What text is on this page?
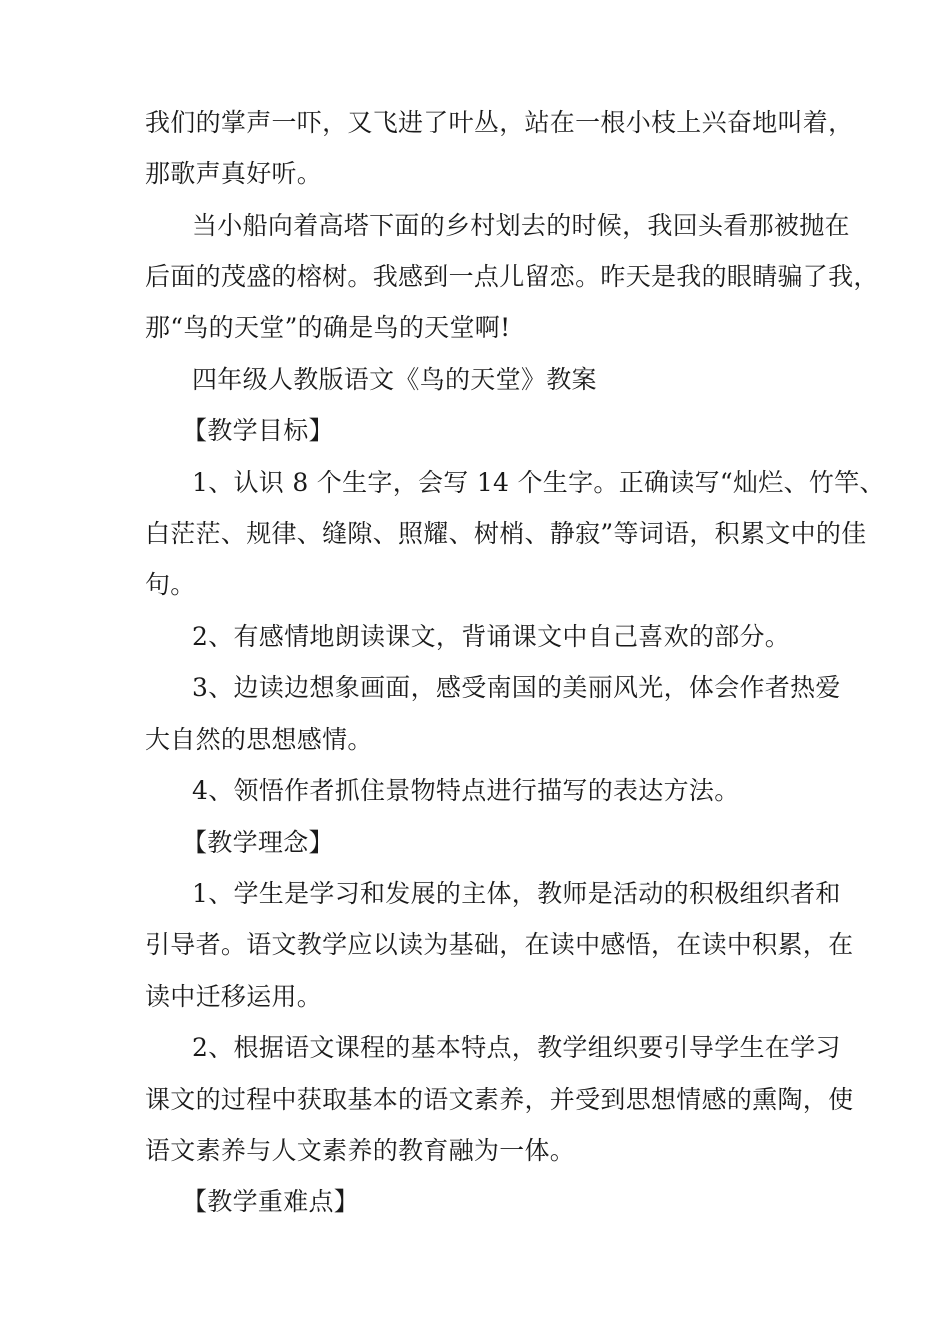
我们的掌声一吓，又飞进了叶丛，站在一根小枝上兴奋地叫着，
那歌声真好听。
当小船向着高塔下面的乡村划去的时候，我回头看那被抛在
后面的茂盛的榕树。我感到一点儿留恋。昨天是我的眼睛骗了我，
那“鸟的天堂”的确是鸟的天堂啊!
四年级人教版语文《鸟的天堂》教案
【教学目标】
1、认识 8 个生字，会写 14 个生字。正确读写“灿烂、竹竿、
白茫茫、规律、缝隙、照耀、树梢、静寂”等词语，积累文中的佳
句。
2、有感情地朗读课文，背诵课文中自己喜欢的部分。
3、边读边想象画面，感受南国的美丽风光，体会作者热爱
大自然的思想感情。
4、领悟作者抓住景物特点进行描写的表达方法。
【教学理念】
1、学生是学习和发展的主体，教师是活动的积极组织者和
引导者。语文教学应以读为基础，在读中感悟，在读中积累，在
读中迁移运用。
2、根据语文课程的基本特点，教学组织要引导学生在学习
课文的过程中获取基本的语文素养，并受到思想情感的熏陶，使
语文素养与人文素养的教育融为一体。
【教学重难点】
